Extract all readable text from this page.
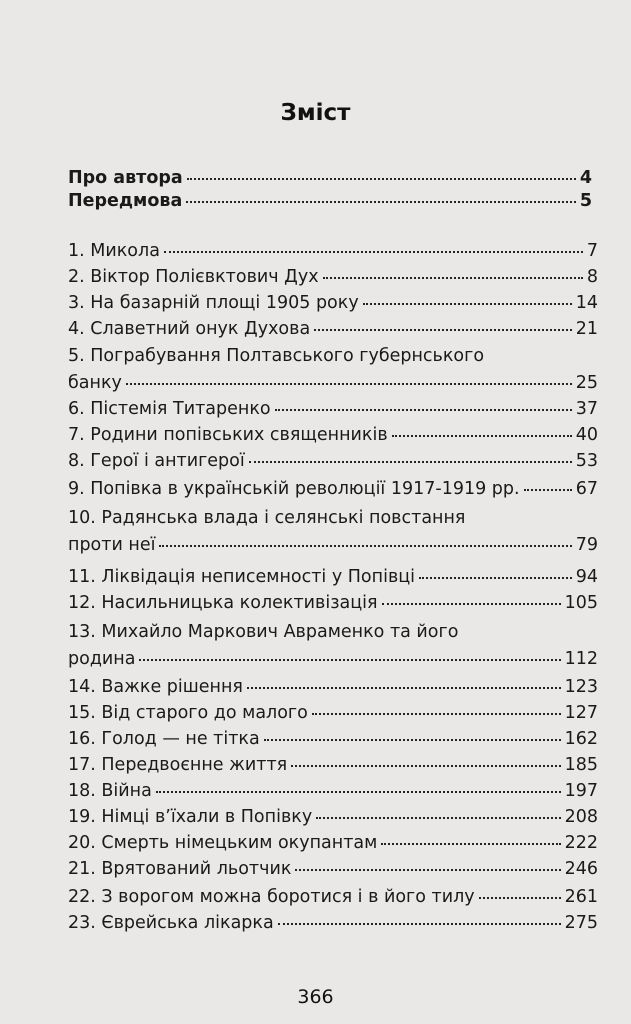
Зміст
Про автора	4
Передмова	5
1. Микола	7
2. Віктор Полієвктович Дух	8
3. На базарній площі 1905 року	14
4. Славетний онук Духова	21
5. Пограбування Полтавського губернського
банку	25
6. Пістемія Титаренко	37
7. Родини попівських священників	40
8. Герої і антигерої	53
9. Попівка в українській революції 1917-1919 рр.	67
10. Радянська влада і селянські повстання
проти неї	79
11. Ліквідація неписемності у Попівці	94
12. Насильницька колективізація	105
13. Михайло Маркович Авраменко та його
родина	112
14. Важке рішення	123
15. Від старого до малого	127
16. Голод — не тітка	162
17. Передвоєнне життя	185
18. Війна	197
19. Німці в’їхали в Попівку	208
20. Смерть німецьким окупантам	222
21. Врятований льотчик	246
22. З ворогом можна боротися і в його тилу	261
23. Єврейська лікарка	275
366
